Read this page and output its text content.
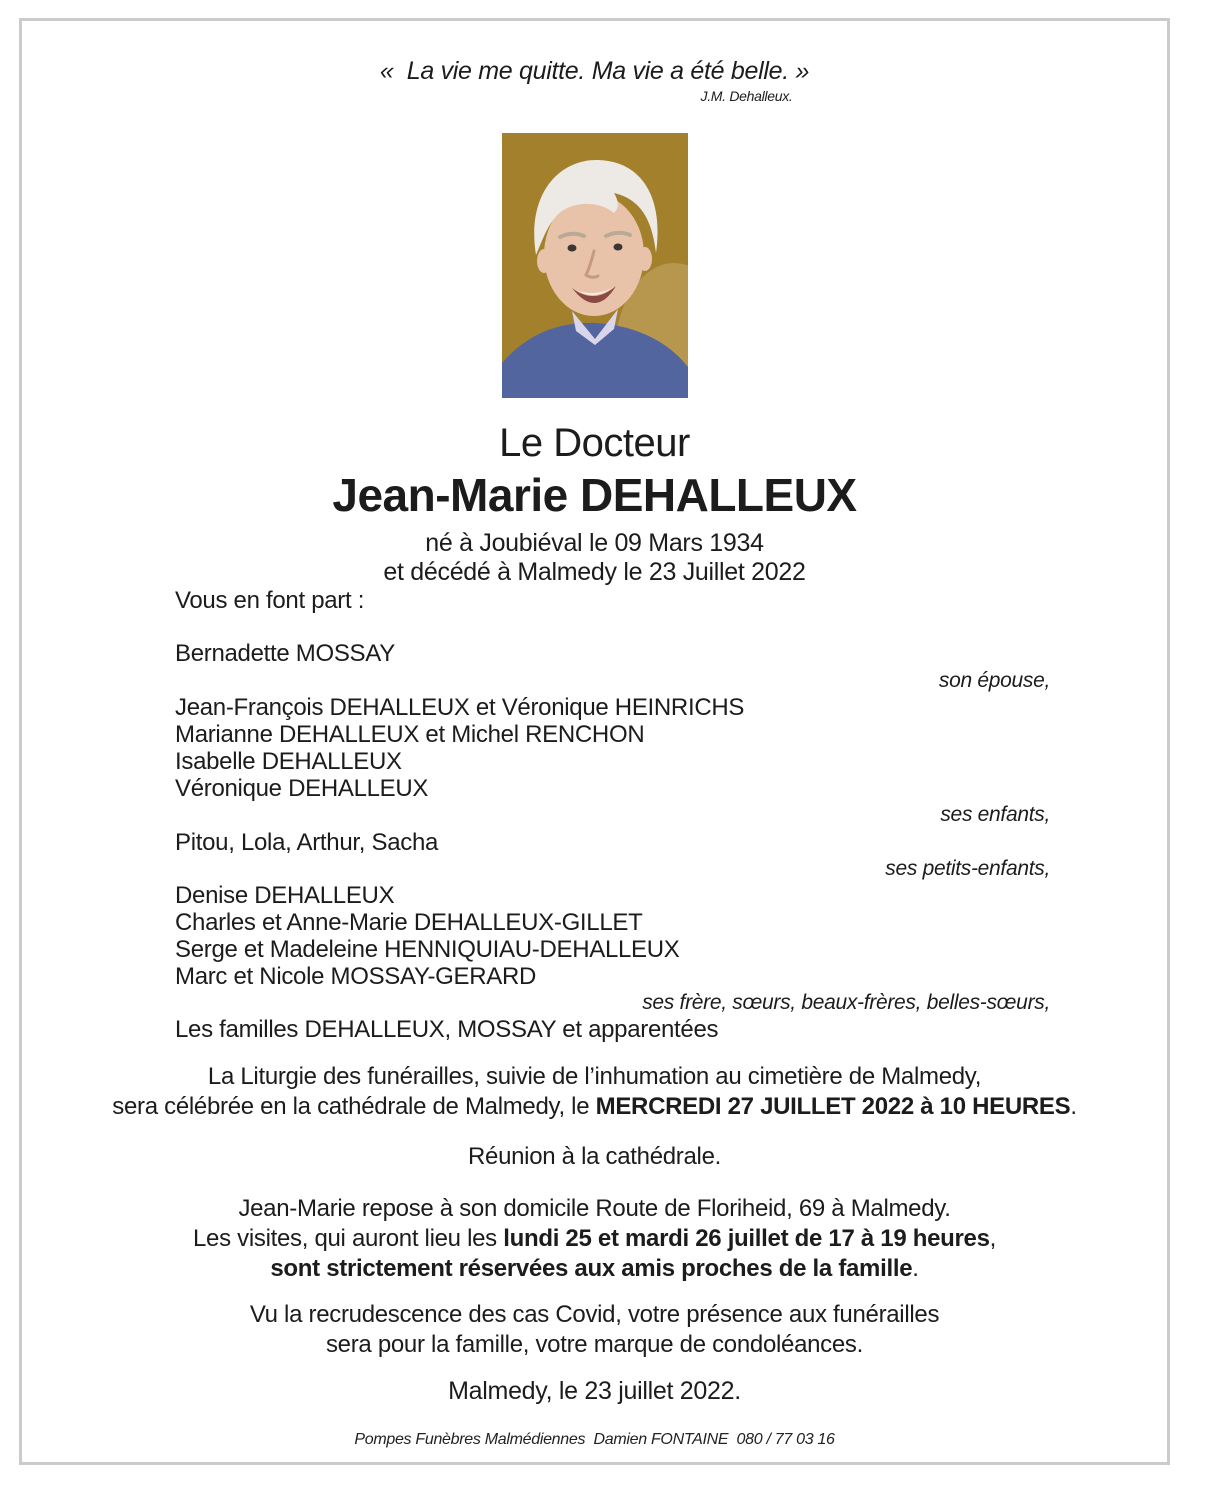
«  La vie me quitte. Ma vie a été belle. »
J.M. Dehalleux.
Le Docteur
Jean-Marie DEHALLEUX
né à Joubiéval le 09 Mars 1934
et décédé à Malmedy le 23 Juillet 2022

Vous en font part :

Bernadette MOSSAY

son épouse,

Jean-François DEHALLEUX et Véronique HEINRICHS

Marianne DEHALLEUX et Michel RENCHON

Isabelle DEHALLEUX

Véronique DEHALLEUX

ses enfants,

Pitou, Lola, Arthur, Sacha

ses petits-enfants,

Denise DEHALLEUX

Charles et Anne-Marie DEHALLEUX-GILLET

Serge et Madeleine HENNIQUIAU-DEHALLEUX

Marc et Nicole MOSSAY-GERARD

ses frère, sœurs, beaux-frères, belles-sœurs,

Les familles DEHALLEUX, MOSSAY et apparentées

La Liturgie des funérailles, suivie de l’inhumation au cimetière de Malmedy,

sera célébrée en la cathédrale de Malmedy, le MERCREDI 27 JUILLET 2022 à 10 HEURES.

Réunion à la cathédrale.

Jean-Marie repose à son domicile Route de Floriheid, 69 à Malmedy.

Les visites, qui auront lieu les lundi 25 et mardi 26 juillet de 17 à 19 heures,

sont strictement réservées aux amis proches de la famille.

Vu la recrudescence des cas Covid, votre présence aux funérailles

sera pour la famille, votre marque de condoléances.

Malmedy, le 23 juillet 2022.

Pompes Funèbres Malmédiennes  Damien FONTAINE  080 / 77 03 16
